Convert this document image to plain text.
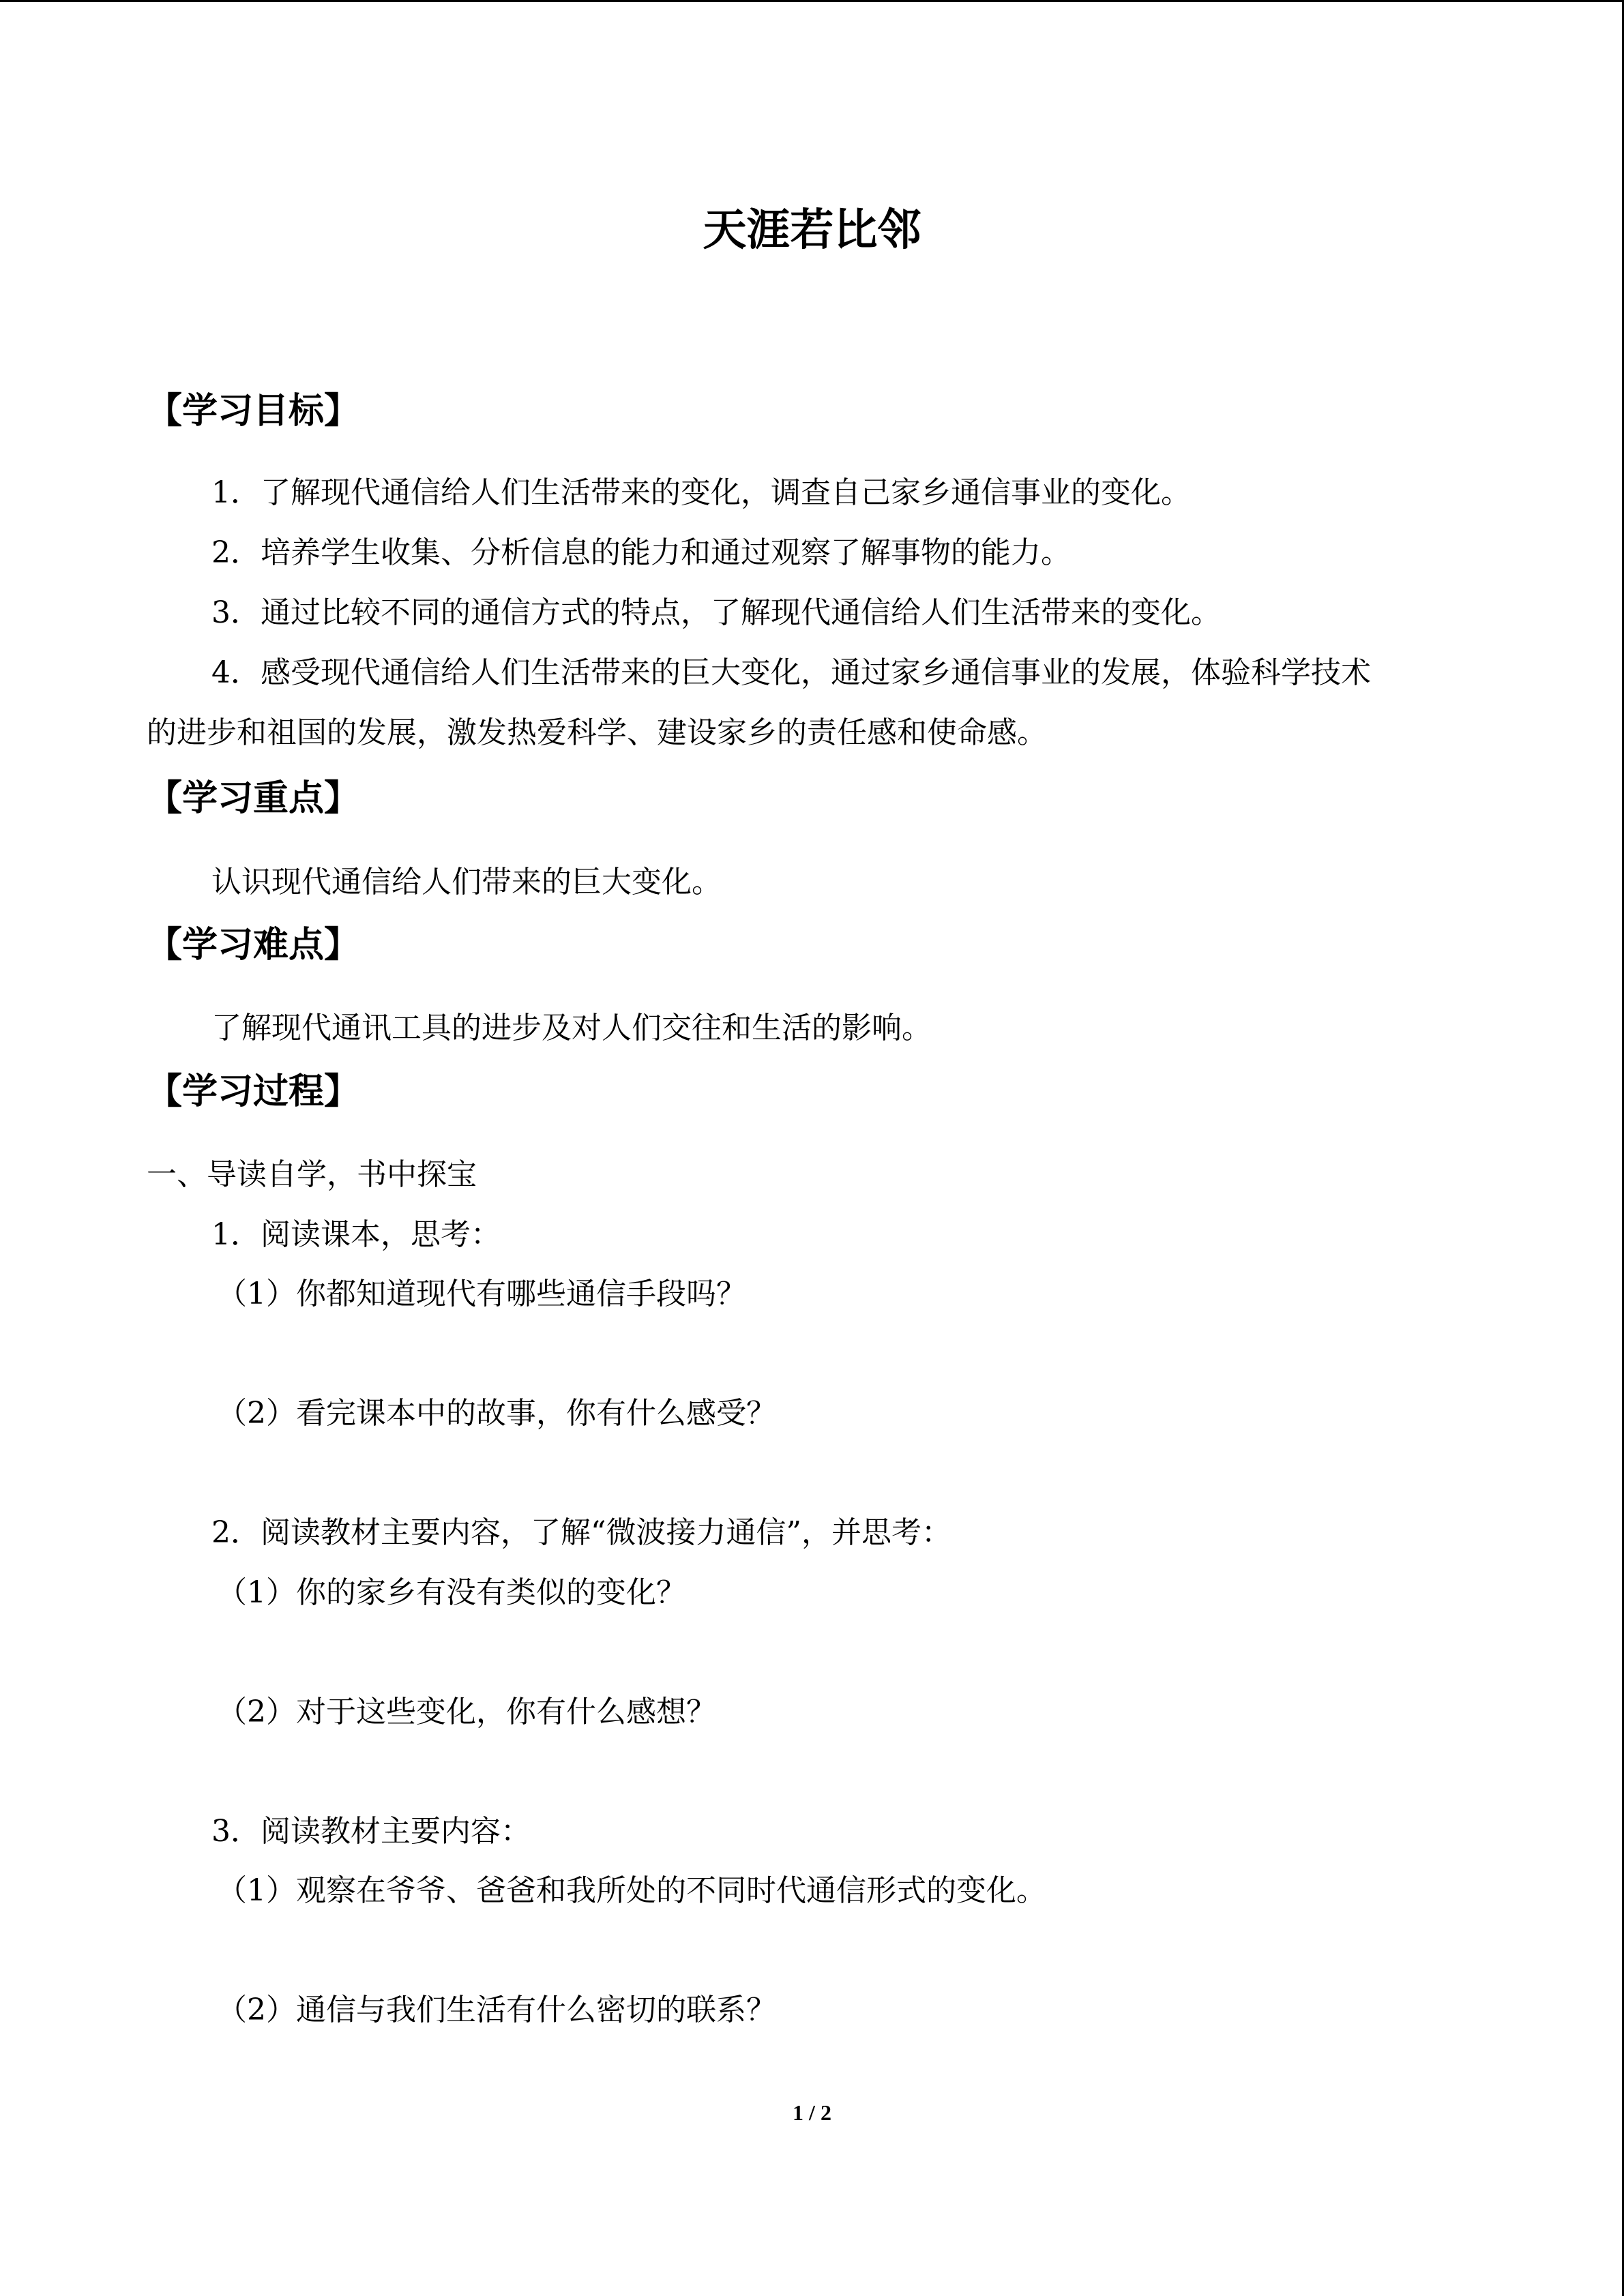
天涯若比邻
【学习目标】
1．了解现代通信给人们生活带来的变化，调查自己家乡通信事业的变化。
2．培养学生收集、分析信息的能力和通过观察了解事物的能力。
3．通过比较不同的通信方式的特点，了解现代通信给人们生活带来的变化。
4．感受现代通信给人们生活带来的巨大变化，通过家乡通信事业的发展，体验科学技术
的进步和祖国的发展，激发热爱科学、建设家乡的责任感和使命感。
【学习重点】
认识现代通信给人们带来的巨大变化。
【学习难点】
了解现代通讯工具的进步及对人们交往和生活的影响。
【学习过程】
一、导读自学，书中探宝
1．阅读课本，思考：
（1）你都知道现代有哪些通信手段吗？
（2）看完课本中的故事，你有什么感受？
2．阅读教材主要内容，了解“微波接力通信”，并思考：
（1）你的家乡有没有类似的变化？
（2）对于这些变化，你有什么感想？
3．阅读教材主要内容：
（1）观察在爷爷、爸爸和我所处的不同时代通信形式的变化。
（2）通信与我们生活有什么密切的联系？
1 / 2
